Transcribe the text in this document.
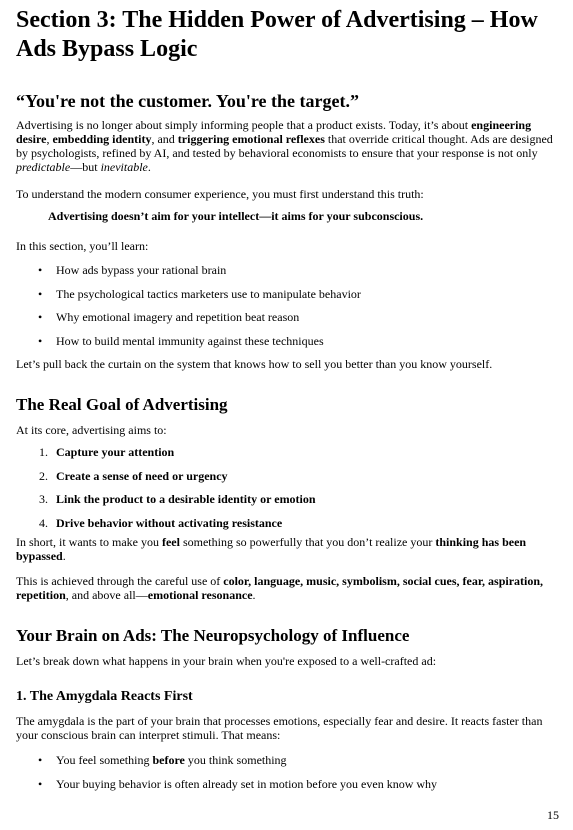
Section 3: The Hidden Power of Advertising – How Ads Bypass Logic

“You're not the customer. You're the target.”

Advertising is no longer about simply informing people that a product exists. Today, it’s about engineering desire, embedding identity, and triggering emotional reflexes that override critical thought. Ads are designed by psychologists, refined by AI, and tested by behavioral economists to ensure that your response is not only predictable—but inevitable.

To understand the modern consumer experience, you must first understand this truth:

Advertising doesn’t aim for your intellect—it aims for your subconscious.

In this section, you’ll learn:

• How ads bypass your rational brain
• The psychological tactics marketers use to manipulate behavior
• Why emotional imagery and repetition beat reason
• How to build mental immunity against these techniques

Let’s pull back the curtain on the system that knows how to sell you better than you know yourself.

The Real Goal of Advertising

At its core, advertising aims to:

1. Capture your attention
2. Create a sense of need or urgency
3. Link the product to a desirable identity or emotion
4. Drive behavior without activating resistance

In short, it wants to make you feel something so powerfully that you don’t realize your thinking has been bypassed.

This is achieved through the careful use of color, language, music, symbolism, social cues, fear, aspiration, repetition, and above all—emotional resonance.

Your Brain on Ads: The Neuropsychology of Influence

Let’s break down what happens in your brain when you're exposed to a well-crafted ad:

1. The Amygdala Reacts First

The amygdala is the part of your brain that processes emotions, especially fear and desire. It reacts faster than your conscious brain can interpret stimuli. That means:

• You feel something before you think something
• Your buying behavior is often already set in motion before you even know why
15
